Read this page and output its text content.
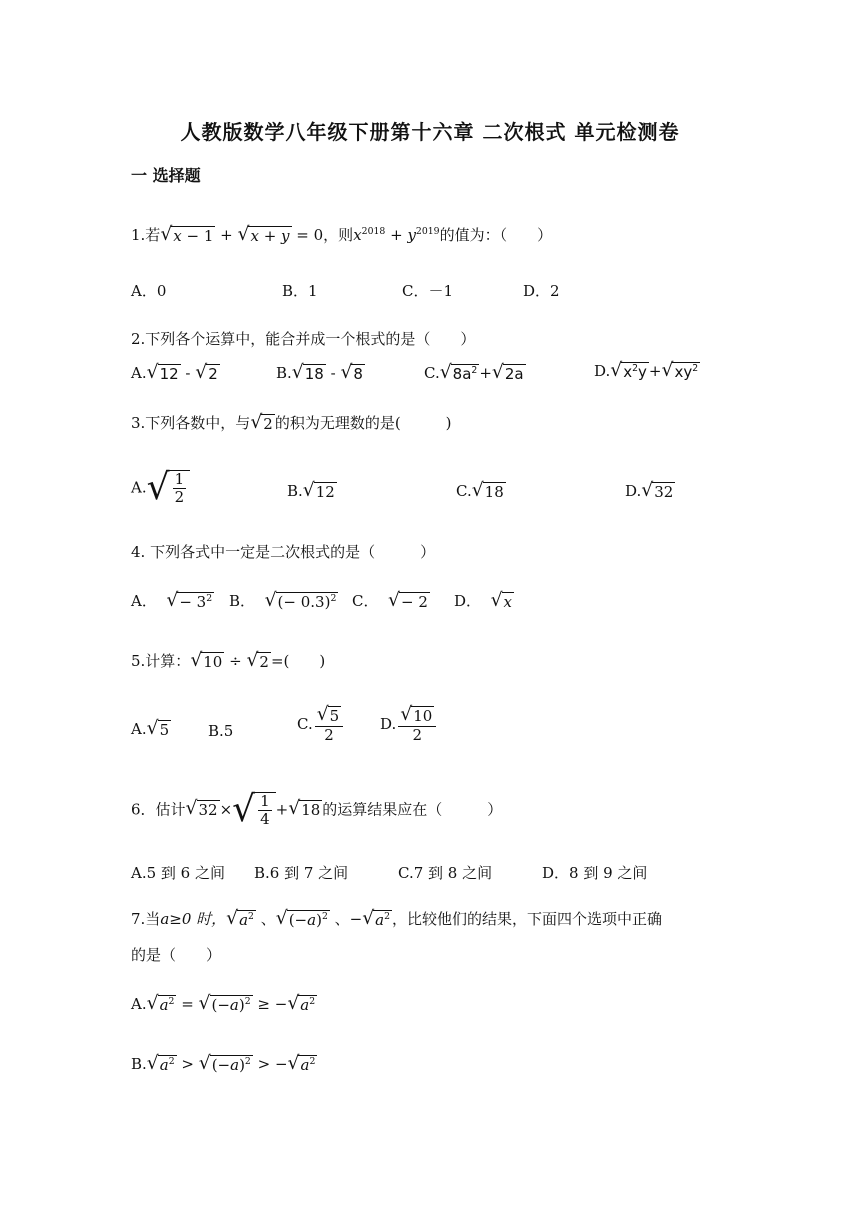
人教版数学八年级下册第十六章 二次根式 单元检测卷
一 选择题
1.若 √ x − 1 + √ x + y = 0，则$x^{2018} + y^{2019}$的值为：（　　）
A．0	B．1	C．－1	D．2
2.下列各个运算中，能合并成一个根式的是（　　）
A. √ 12 - √ 2	B. √ 18 - √ 8	C. √ $8a^2$ + √ 2a	D. √ $x^2y$ + √ $xy^2$
3.下列各数中，与 √ 2 的积为无理数的是(　　　)
A. √ $\frac{1}{2}$	B. √ 12	C. √ 18	D. √ 32
4. 下列各式中一定是二次根式的是（　　　）
A． √ − $3^2$ B． √ (− 0.3)$^2$ C． √ − 2 D． √ x
5.计算： √ 10 ÷ √ 2 =(　　)
A. √ 5	B.5	C. $\frac{√ 5}{2} D$. $\frac{√ 10}{2}$
6．估计 √ 32 × √ $\frac{1}{4}$ + √ 18 的运算结果应在（　　　）
A.5 到 6 之间 B.6 到 7 之间	C.7 到 8 之间	D．8 到 9 之间
7.当a≥0 时， √ $a^2$ 、 √ $(-a)^2$ 、− √ $a^2$ ，比较他们的结果，下面四个选项中正确
的是（　　）
A. √ $a^2$ = √ $(-a)^2$ ≥ − √ $a^2$
B. √ $a^2$ > √ $(-a)^2$ > − √ $a^2$
